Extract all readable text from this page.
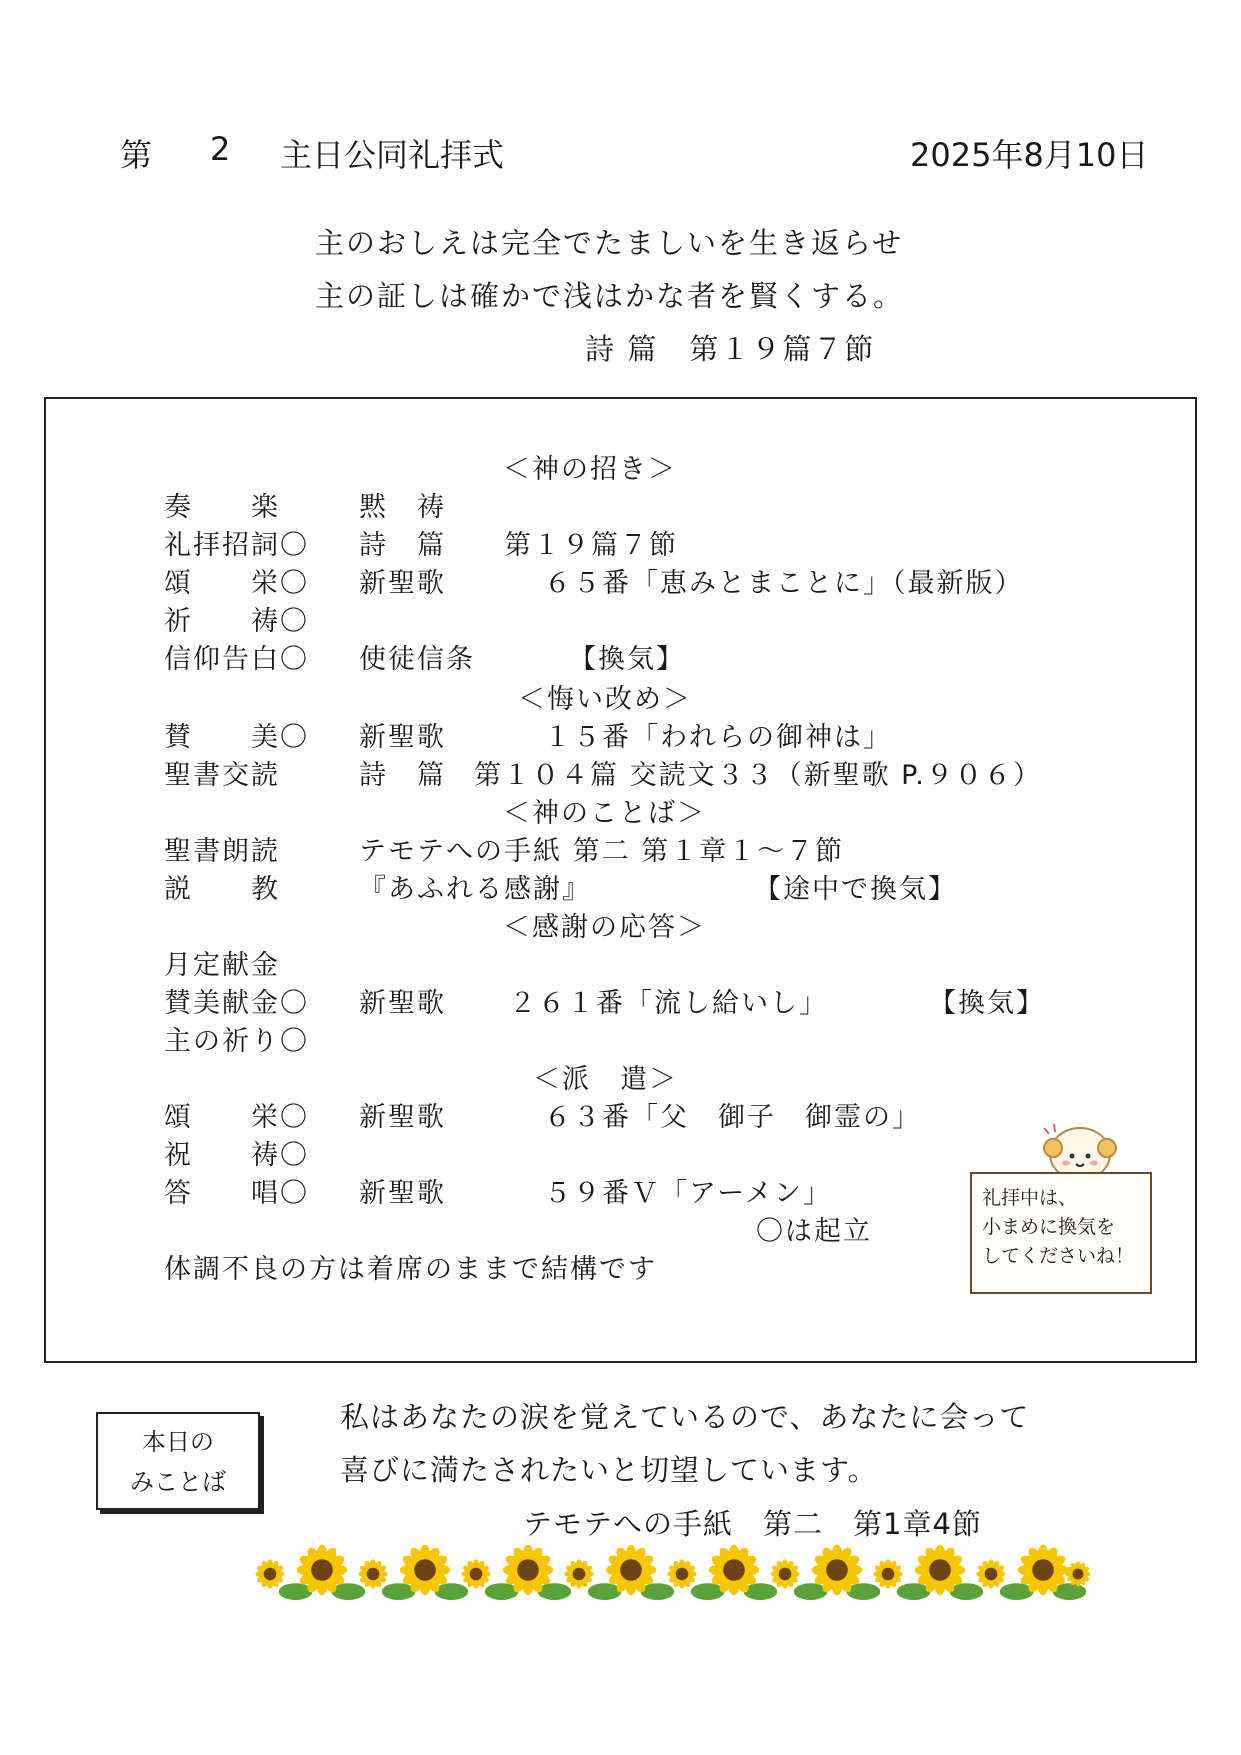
第 2 主日公同礼拝式	2025年8月10日
主のおしえは完全でたましいを生き返らせ
主の証しは確かで浅はかな者を賢くする。
詩 篇　第１９篇７節
＜神の招き＞
奏　　楽	黙　祷
礼拝招詞〇 詩　篇 第１９篇７節
頌　　栄〇 新聖歌	６５番「恵みとまことに」（最新版）
祈　　祷〇
信仰告白〇 使徒信条	【換気】
＜悔い改め＞
賛　　美〇 新聖歌	１５番「われらの御神は」
聖書交読	詩　篇 第１０４篇 交読文３３（新聖歌 P.９０６）
＜神のことば＞
聖書朗読	テモテへの手紙 第二 第１章１～７節
説　　教	『あふれる感謝』	【途中で換気】
＜感謝の応答＞
月定献金
賛美献金〇 新聖歌 ２６１番「流し給いし」	【換気】
主の祈り〇
＜派　遣＞
頌　　栄〇 新聖歌	６３番「父　御子　御霊の」
祝　　祷〇
答　　唱〇 新聖歌	５９番Ｖ「アーメン」
〇は起立
体調不良の方は着席のままで結構です
礼拝中は、
小まめに換気を
してくださいね！
本日の
みことば
私はあなたの涙を覚えているので、あなたに会って
喜びに満たされたいと切望しています。
テモテへの手紙　第二　第1章4節
